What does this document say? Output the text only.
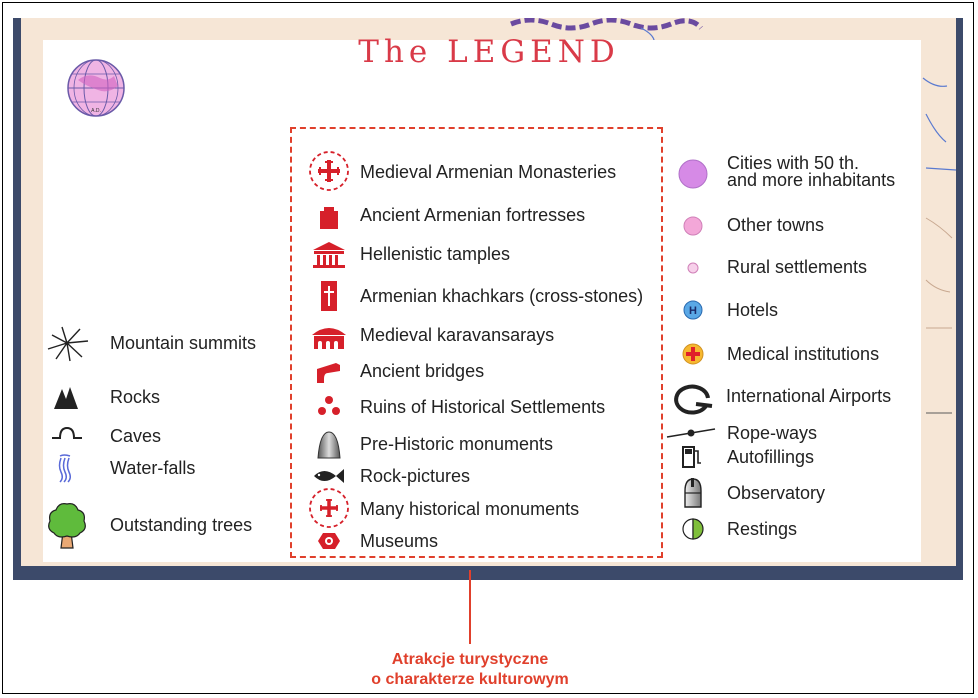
The LEGEND
A.D.
Mountain summits
Rocks
Caves
Water-falls
Outstanding trees
Medieval Armenian Monasteries
Ancient Armenian fortresses
Hellenistic tamples
Armenian khachkars (cross-stones)
Medieval karavansarays
Ancient bridges
Ruins of Historical Settlements
Pre-Historic monuments
Rock-pictures
Many historical monuments
Museums
Cities with 50 th.
and more inhabitants
Other towns
Rural settlements
H Hotels
Medical institutions
International Airports
Rope-ways
Autofillings
Observatory
Restings
Atrakcje turystyczne
o charakterze kulturowym
